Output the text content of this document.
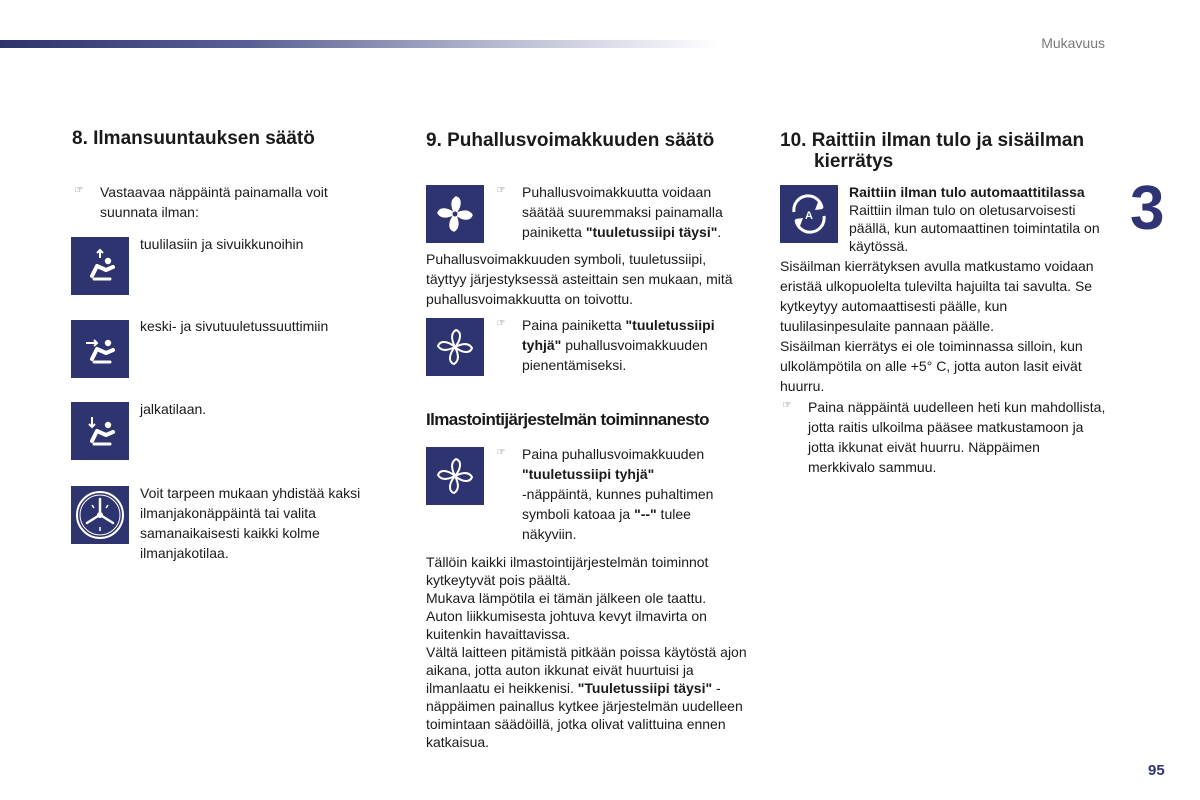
Mukavuus
3
95
8. Ilmansuuntauksen säätö
☞ Vastaavaa näppäintä painamalla voit suunnata ilman:
tuulilasiin ja sivuikkunoihin
keski- ja sivutuuletussuuttimiin
jalkatilaan.
Voit tarpeen mukaan yhdistää kaksi ilmanjakonäppäintä tai valita samanaikaisesti kaikki kolme ilmanjakotilaa.
9. Puhallusvoimakkuuden säätö
☞ Puhallusvoimakkuutta voidaan
säätää suuremmaksi painamalla
painiketta "tuuletussiipi täysi".
Puhallusvoimakkuuden symboli, tuuletussiipi, täyttyy järjestyksessä asteittain sen mukaan, mitä puhallusvoimakkuutta on toivottu.
☞ Paina painiketta "tuuletussiipi tyhjä" puhallusvoimakkuuden pienentämiseksi.
Ilmastointijärjestelmän toiminnanesto
☞ Paina puhallusvoimakkuuden
"tuuletussiipi tyhjä"
-näppäintä, kunnes puhaltimen
symboli katoaa ja "--" tulee
näkyviin.
Tällöin kaikki ilmastointijärjestelmän toiminnot kytkeytyvät pois päältä.
Mukava lämpötila ei tämän jälkeen ole taattu.
Auton liikkumisesta johtuva kevyt ilmavirta on kuitenkin havaittavissa.
Vältä laitteen pitämistä pitkään poissa käytöstä ajon aikana, jotta auton ikkunat eivät huurtuisi ja ilmanlaatu ei heikkenisi. "Tuuletussiipi täysi" -näppäimen painallus kytkee järjestelmän uudelleen toimintaan säädöillä, jotka olivat valittuina ennen katkaisua.
10. Raittiin ilman tulo ja sisäilman kierrätys
A
Raittiin ilman tulo automaattitilassa
Raittiin ilman tulo on oletusarvoisesti päällä, kun automaattinen toimintatila on käytössä.
Sisäilman kierrätyksen avulla matkustamo voidaan eristää ulkopuolelta tulevilta hajuilta tai savulta. Se kytkeytyy automaattisesti päälle, kun tuulilasinpesulaite pannaan päälle.
Sisäilman kierrätys ei ole toiminnassa silloin, kun ulkolämpötila on alle +5° C, jotta auton lasit eivät huurru.
☞ Paina näppäintä uudelleen heti kun mahdollista, jotta raitis ulkoilma pääsee matkustamoon ja jotta ikkunat eivät huurru. Näppäimen merkkivalo sammuu.
